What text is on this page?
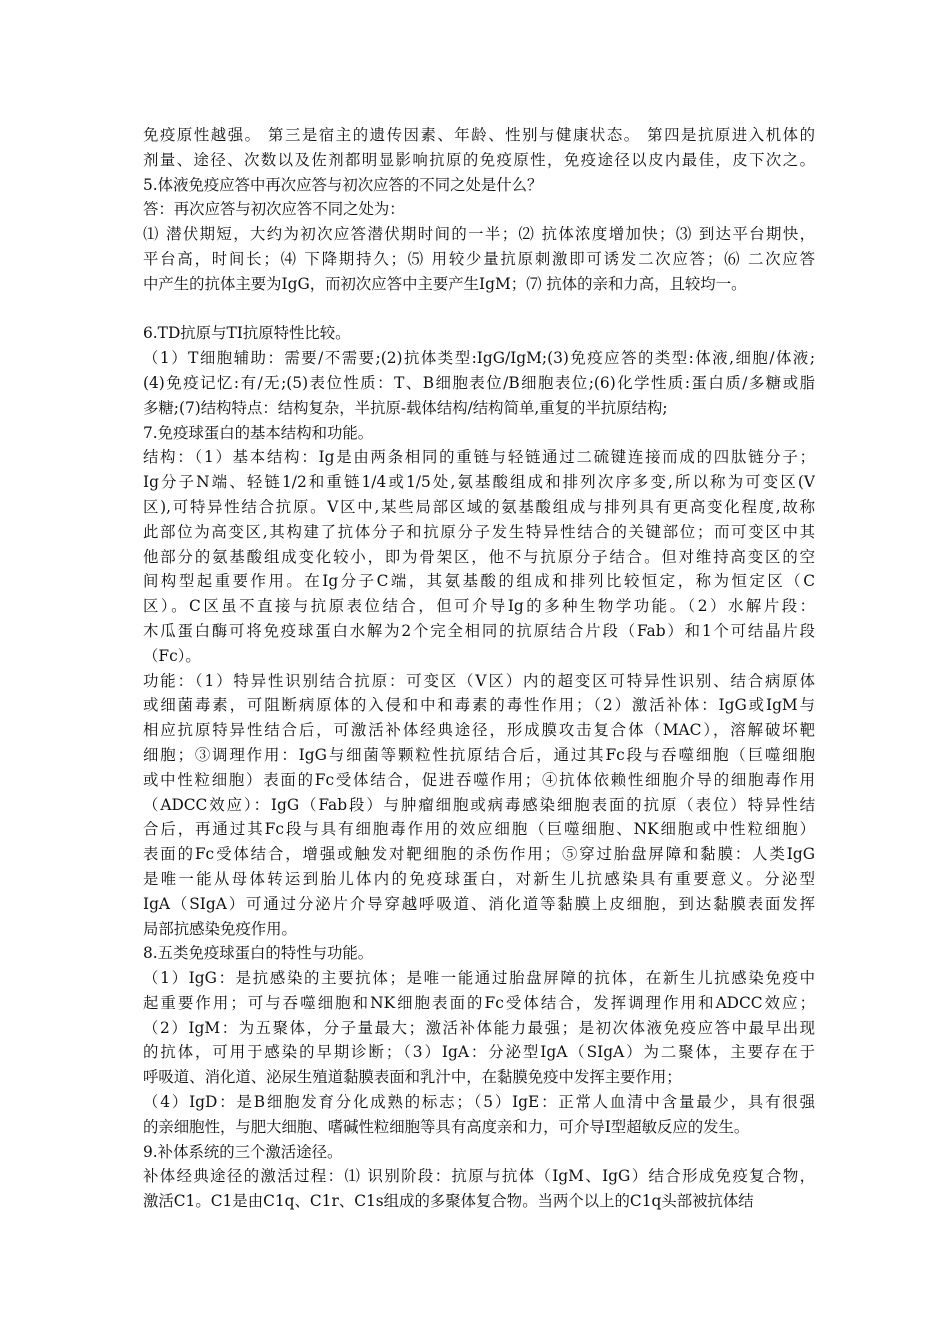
免疫原性越强。 第三是宿主的遗传因素、年龄、性别与健康状态。 第四是抗原进入机体的
剂量、途径、次数以及佐剂都明显影响抗原的免疫原性，免疫途径以皮内最佳，皮下次之。
5.体液免疫应答中再次应答与初次应答的不同之处是什么？
答：再次应答与初次应答不同之处为：
⑴ 潜伏期短，大约为初次应答潜伏期时间的一半；⑵ 抗体浓度增加快；⑶ 到达平台期快，
平台高，时间长；⑷ 下降期持久；⑸ 用较少量抗原刺激即可诱发二次应答；⑹ 二次应答
中产生的抗体主要为IgG，而初次应答中主要产生IgM；⑺ 抗体的亲和力高，且较均一。
6.TD抗原与TI抗原特性比较。
（1）T细胞辅助：需要/不需要;(2)抗体类型:IgG/IgM;(3)免疫应答的类型:体液,细胞/体液;
(4)免疫记忆:有/无;(5)表位性质：T、B细胞表位/B细胞表位;(6)化学性质:蛋白质/多糖或脂
多糖;(7)结构特点：结构复杂，半抗原-载体结构/结构简单,重复的半抗原结构;
7.免疫球蛋白的基本结构和功能。
结构：（1）基本结构：Ig是由两条相同的重链与轻链通过二硫键连接而成的四肽链分子；
Ig分子N端、轻链1/2和重链1/4或1/5处,氨基酸组成和排列次序多变,所以称为可变区(V
区),可特异性结合抗原。V区中,某些局部区域的氨基酸组成与排列具有更高变化程度,故称
此部位为高变区,其构建了抗体分子和抗原分子发生特异性结合的关键部位；而可变区中其
他部分的氨基酸组成变化较小，即为骨架区，他不与抗原分子结合。但对维持高变区的空
间构型起重要作用。在Ig分子C端，其氨基酸的组成和排列比较恒定，称为恒定区（C
区）。C区虽不直接与抗原表位结合，但可介导Ig的多种生物学功能。（2）水解片段：
木瓜蛋白酶可将免疫球蛋白水解为2个完全相同的抗原结合片段（Fab）和1个可结晶片段
（Fc）。
功能：（1）特异性识别结合抗原：可变区（V区）内的超变区可特异性识别、结合病原体
或细菌毒素，可阻断病原体的入侵和中和毒素的毒性作用；（2）激活补体：IgG或IgM与
相应抗原特异性结合后，可激活补体经典途径，形成膜攻击复合体（MAC），溶解破坏靶
细胞；③调理作用：IgG与细菌等颗粒性抗原结合后，通过其Fc段与吞噬细胞（巨噬细胞
或中性粒细胞）表面的Fc受体结合，促进吞噬作用；④抗体依赖性细胞介导的细胞毒作用
（ADCC效应）：IgG（Fab段）与肿瘤细胞或病毒感染细胞表面的抗原（表位）特异性结
合后，再通过其Fc段与具有细胞毒作用的效应细胞（巨噬细胞、NK细胞或中性粒细胞）
表面的Fc受体结合，增强或触发对靶细胞的杀伤作用；⑤穿过胎盘屏障和黏膜：人类IgG
是唯一能从母体转运到胎儿体内的免疫球蛋白，对新生儿抗感染具有重要意义。分泌型
IgA（SIgA）可通过分泌片介导穿越呼吸道、消化道等黏膜上皮细胞，到达黏膜表面发挥
局部抗感染免疫作用。
8.五类免疫球蛋白的特性与功能。
（1）IgG：是抗感染的主要抗体；是唯一能通过胎盘屏障的抗体，在新生儿抗感染免疫中
起重要作用；可与吞噬细胞和NK细胞表面的Fc受体结合，发挥调理作用和ADCC效应；
（2）IgM：为五聚体，分子量最大；激活补体能力最强；是初次体液免疫应答中最早出现
的抗体，可用于感染的早期诊断；（3）IgA：分泌型IgA（SIgA）为二聚体，主要存在于
呼吸道、消化道、泌尿生殖道黏膜表面和乳汁中，在黏膜免疫中发挥主要作用；
（4）IgD：是B细胞发育分化成熟的标志；（5）IgE：正常人血清中含量最少，具有很强
的亲细胞性，与肥大细胞、嗜碱性粒细胞等具有高度亲和力，可介导Ⅰ型超敏反应的发生。
9.补体系统的三个激活途径。
补体经典途径的激活过程：⑴ 识别阶段：抗原与抗体（IgM、IgG）结合形成免疫复合物，
激活C1。C1是由C1q、C1r、C1s组成的多聚体复合物。当两个以上的C1q头部被抗体结
